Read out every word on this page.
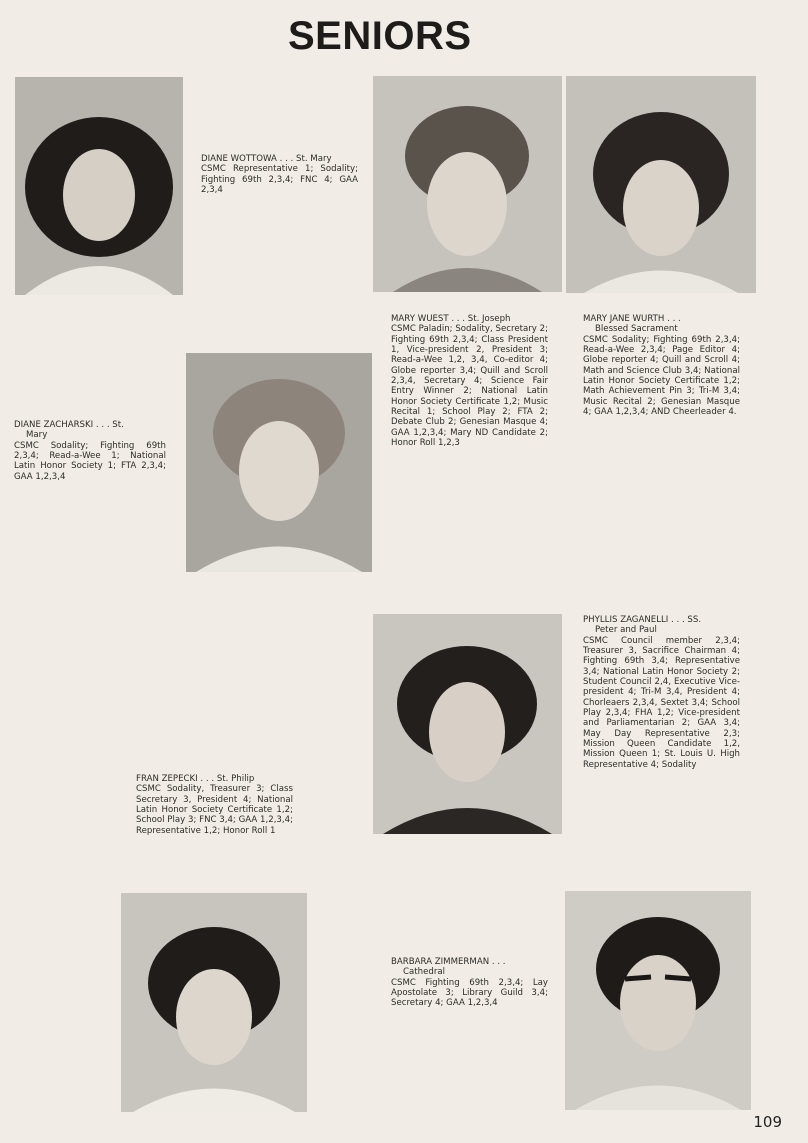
SENIORS
DIANE WOTTOWA . . . St. Mary
CSMC Representative 1; Sodality; Fighting 69th 2,3,4; FNC 4; GAA 2,3,4
MARY WUEST . . . St. Joseph
CSMC Paladin; Sodality, Secretary 2; Fighting 69th 2,3,4; Class President 1, Vice-president 2, President 3; Read-a-Wee 1,2, 3,4, Co-editor 4; Globe reporter 3,4; Quill and Scroll 2,3,4, Secretary 4; Science Fair Entry Winner 2; National Latin Honor Society Certificate 1,2; Music Recital 1; School Play 2; FTA 2; Debate Club 2; Genesian Masque 4; GAA 1,2,3,4; Mary ND Candidate 2; Honor Roll 1,2,3
MARY JANE WURTH . . .
Blessed Sacrament
CSMC Sodality; Fighting 69th 2,3,4; Read-a-Wee 2,3,4; Page Editor 4; Globe reporter 4; Quill and Scroll 4; Math and Science Club 3,4; National Latin Honor Society Certificate 1,2; Math Achievement Pin 3; Tri-M 3,4; Music Recital 2; Genesian Masque 4; GAA 1,2,3,4; AND Cheerleader 4.
DIANE ZACHARSKI . . . St.
Mary
CSMC Sodality; Fighting 69th 2,3,4; Read-a-Wee 1; National Latin Honor Society 1; FTA 2,3,4; GAA 1,2,3,4
PHYLLIS ZAGANELLI . . . SS.
Peter and Paul
CSMC Council member 2,3,4; Treasurer 3, Sacrifice Chairman 4; Fighting 69th 3,4; Representative 3,4; National Latin Honor Society 2; Student Council 2,4, Executive Vice-president 4; Tri-M 3,4, President 4; Chorleaers 2,3,4, Sextet 3,4; School Play 2,3,4; FHA 1,2; Vice-president and Parliamentarian 2; GAA 3,4; May Day Representative 2,3; Mission Queen Candidate 1,2, Mission Queen 1; St. Louis U. High Representative 4; Sodality
FRAN ZEPECKI . . . St. Philip
CSMC Sodality, Treasurer 3; Class Secretary 3, President 4; National Latin Honor Society Certificate 1,2; School Play 3; FNC 3,4; GAA 1,2,3,4; Representative 1,2; Honor Roll 1
BARBARA ZIMMERMAN . . .
Cathedral
CSMC Fighting 69th 2,3,4; Lay Apostolate 3; Library Guild 3,4; Secretary 4; GAA 1,2,3,4
109
